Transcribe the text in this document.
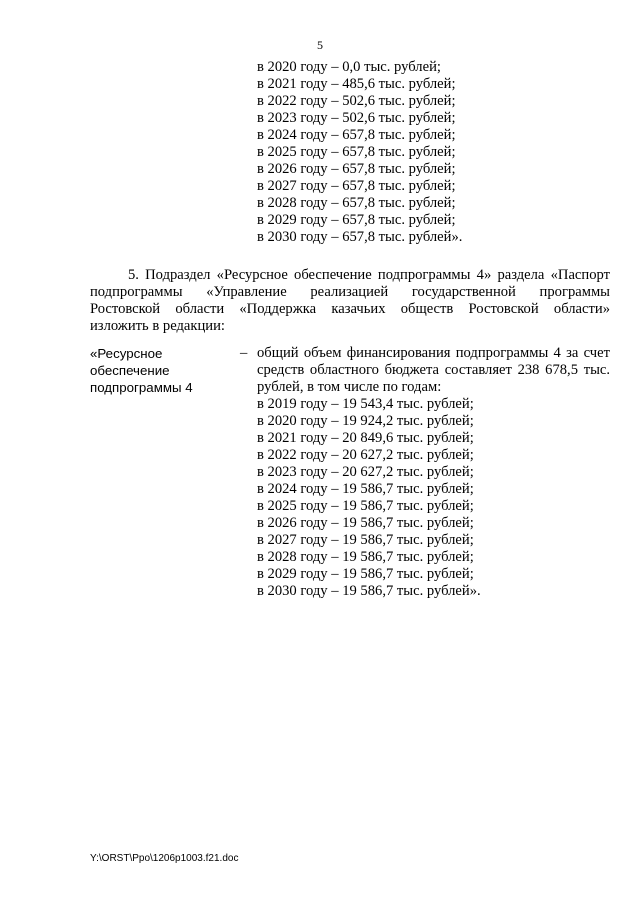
5
в 2020 году – 0,0 тыс. рублей;
в 2021 году – 485,6 тыс. рублей;
в 2022 году – 502,6 тыс. рублей;
в 2023 году – 502,6 тыс. рублей;
в 2024 году – 657,8 тыс. рублей;
в 2025 году – 657,8 тыс. рублей;
в 2026 году – 657,8 тыс. рублей;
в 2027 году – 657,8 тыс. рублей;
в 2028 году – 657,8 тыс. рублей;
в 2029 году – 657,8 тыс. рублей;
в 2030 году – 657,8 тыс. рублей».
5. Подраздел «Ресурсное обеспечение подпрограммы 4» раздела «Паспорт
подпрограммы «Управление реализацией государственной программы
Ростовской области «Поддержка казачьих обществ Ростовской области»
изложить в редакции:
«Ресурсное
обеспечение
подпрограммы 4
– общий объем финансирования подпрограммы 4 за счет
средств областного бюджета составляет 238 678,5 тыс.
рублей, в том числе по годам:
в 2019 году – 19 543,4 тыс. рублей;
в 2020 году – 19 924,2 тыс. рублей;
в 2021 году – 20 849,6 тыс. рублей;
в 2022 году – 20 627,2 тыс. рублей;
в 2023 году – 20 627,2 тыс. рублей;
в 2024 году – 19 586,7 тыс. рублей;
в 2025 году – 19 586,7 тыс. рублей;
в 2026 году – 19 586,7 тыс. рублей;
в 2027 году – 19 586,7 тыс. рублей;
в 2028 году – 19 586,7 тыс. рублей;
в 2029 году – 19 586,7 тыс. рублей;
в 2030 году – 19 586,7 тыс. рублей».
Y:\ORST\Ppo\1206p1003.f21.doc
